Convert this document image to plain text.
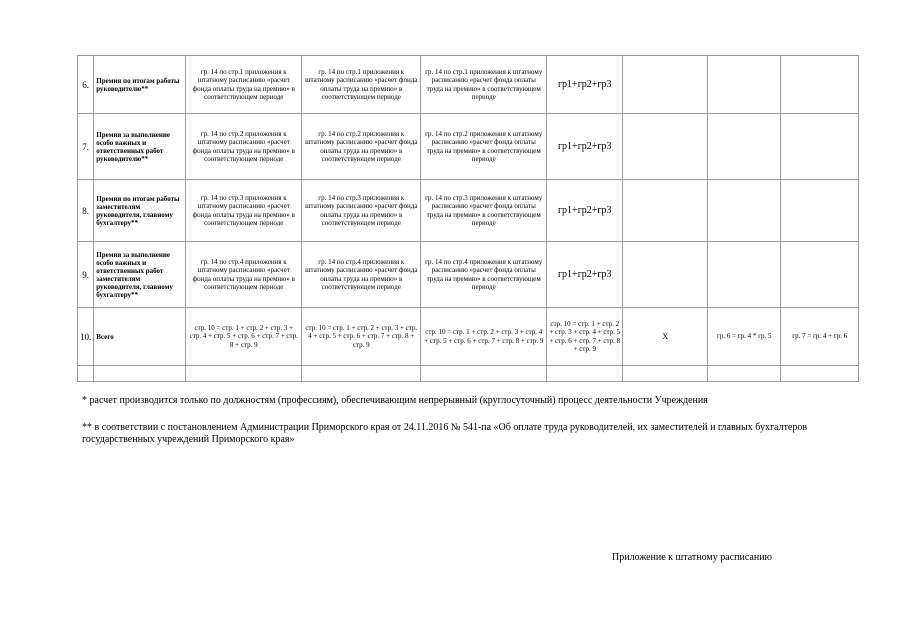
6.	Премия по итогам работы руководителю**	гр. 14 по стр.1 приложения к штатному расписанию «расчет фонда оплаты труда на премию» в соответствующем периоде	гр. 14 по стр.1 приложения к штатному расписанию «расчет фонда оплаты труда на премию» в соответствующем периоде	гр. 14 по стр.1 приложения к штатному расписанию «расчет фонда оплаты труда на премию» в соответствующем периоде	гр1+гр2+гр3			
7.	Премия за выполнение особо важных и ответственных работ руководителю**	гр. 14 по стр.2 приложения к штатному расписанию «расчет фонда оплаты труда на премию» в соответствующем периоде	гр. 14 по стр.2 приложения к штатному расписанию «расчет фонда оплаты труда на премию» в соответствующем периоде	гр. 14 по стр.2 приложения к штатному расписанию «расчет фонда оплаты труда на премию» в соответствующем периоде	гр1+гр2+гр3			
8.	Премия по итогам работы заместителям руководителя, главному бухгалтеру**	гр. 14 по стр.3 приложения к штатному расписанию «расчет фонда оплаты труда на премию» в соответствующем периоде	гр. 14 по стр.3 приложения к штатному расписанию «расчет фонда оплаты труда на премию» в соответствующем периоде	гр. 14 по стр.3 приложения к штатному расписанию «расчет фонда оплаты труда на премию» в соответствующем периоде	гр1+гр2+гр3			
9.	Премия за выполнение особо важных и ответственных работ заместителям руководителя, главному бухгалтеру**	гр. 14 по стр.4 приложения к штатному расписанию «расчет фонда оплаты труда на премию» в соответствующем периоде	гр. 14 по стр.4 приложения к штатному расписанию «расчет фонда оплаты труда на премию» в соответствующем периоде	гр. 14 по стр.4 приложения к штатному расписанию «расчет фонда оплаты труда на премию» в соответствующем периоде	гр1+гр2+гр3			
10.	Всего	стр. 10 = стр. 1 + стр. 2 + стр. 3 + стр. 4 + стр. 5 + стр. 6 + стр. 7 + стр. 8 + стр. 9	стр. 10 = стр. 1 + стр. 2 + стр. 3 + стр. 4 + стр. 5 + стр. 6 + стр. 7 + стр. 8 + стр. 9	стр. 10 = стр. 1 + стр. 2 + стр. 3 + стр. 4 + стр. 5 + стр. 6 + стр. 7 + стр. 8 + стр. 9	стр. 10 = стр. 1 + стр. 2 + стр. 3 + стр. 4 + стр. 5 + стр. 6 + стр. 7 + стр. 8 + стр. 9	X	гр. 6 = гр. 4 * гр. 5	гр. 7 = гр. 4 + гр. 6

* расчет производится только по должностям (профессиям), обеспечивающим непрерывный (круглосуточный) процесс деятельности Учреждения

** в соответствии с постановлением Администрации Приморского края от 24.11.2016 № 541-па «Об оплате труда руководителей, их заместителей и главных бухгалтеров государственных учреждений Приморского края»

Приложение к штатному расписанию
